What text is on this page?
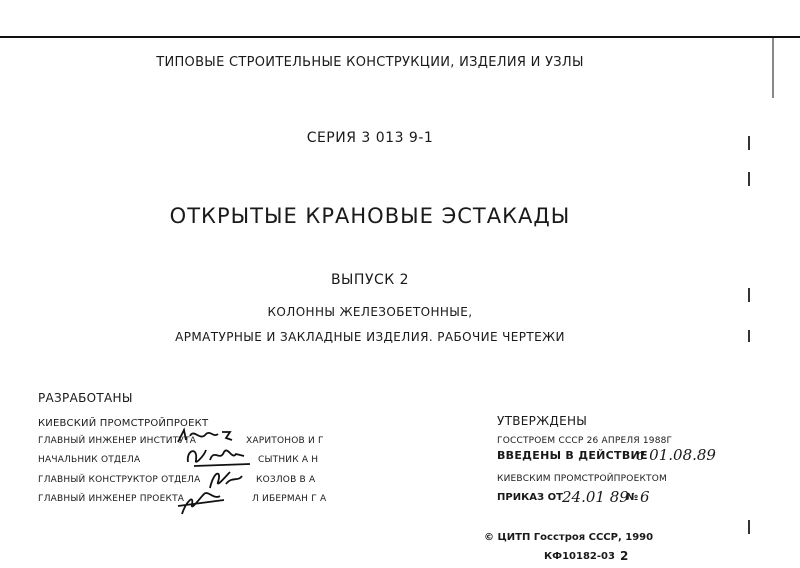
ТИПОВЫЕ СТРОИТЕЛЬНЫЕ КОНСТРУКЦИИ, ИЗДЕЛИЯ И УЗЛЫ
СЕРИЯ 3 013 9-1
ОТКРЫТЫЕ КРАНОВЫЕ ЭСТАКАДЫ
ВЫПУСК 2
КОЛОННЫ ЖЕЛЕЗОБЕТОННЫЕ,
АРМАТУРНЫЕ И ЗАКЛАДНЫЕ ИЗДЕЛИЯ. РАБОЧИЕ ЧЕРТЕЖИ
РАЗРАБОТАНЫ
КИЕВСКИЙ ПРОМСТРОЙПРОЕКТ
ГЛАВНЫЙ ИНЖЕНЕР ИНСТИТУТА	ХАРИТОНОВ И Г
НАЧАЛЬНИК ОТДЕЛА	СЫТНИК А Н
ГЛАВНЫЙ КОНСТРУКТОР ОТДЕЛА	КОЗЛОВ В А
ГЛАВНЫЙ ИНЖЕНЕР ПРОЕКТА	Л ИБЕРМАН Г А
УТВЕРЖДЕНЫ
ГОССТРОЕМ СССР 26 АПРЕЛЯ 1988Г
ВВЕДЕНЫ В ДЕЙСТВИЕ
с 01.08.89
КИЕВСКИМ ПРОМСТРОЙПРОЕКТОМ
ПРИКАЗ ОТ 24.01 89
№ 6
© ЦИТП Госстроя СССР, 1990
КФ10182-03 2
